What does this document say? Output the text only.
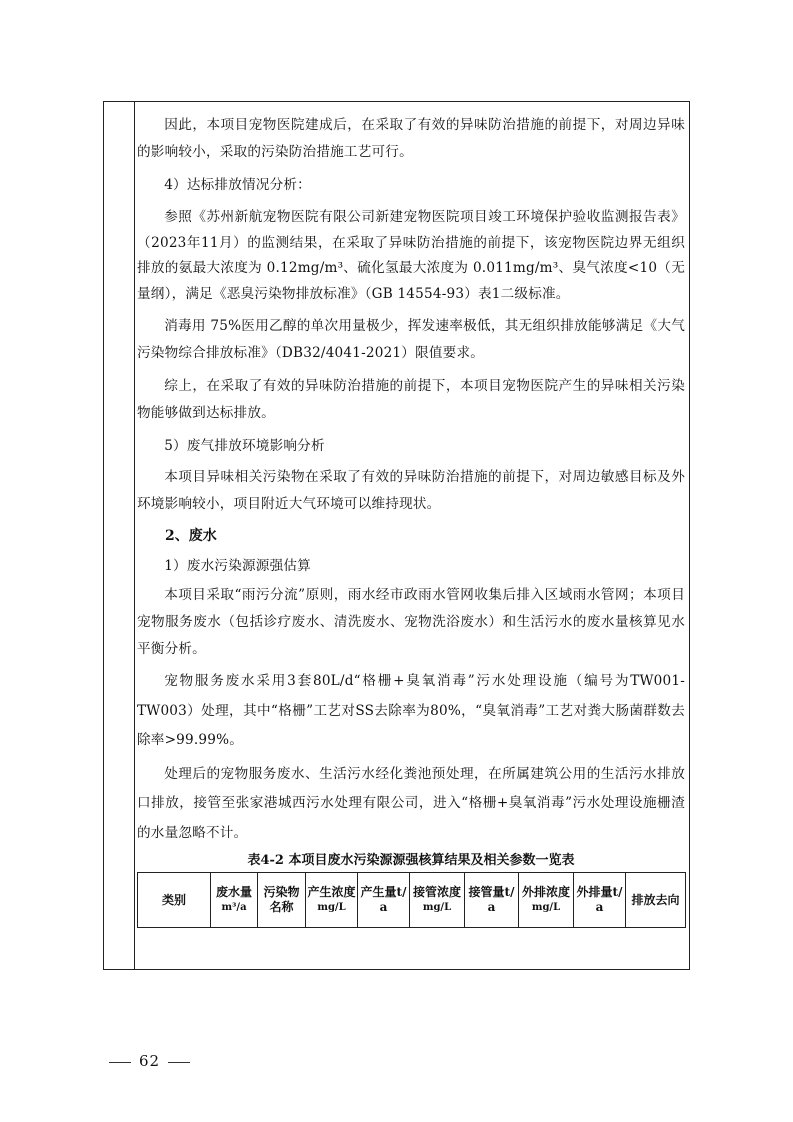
因此，本项目宠物医院建成后，在采取了有效的异味防治措施的前提下，对周边异味的影响较小，采取的污染防治措施工艺可行。

4）达标排放情况分析：

参照《苏州新航宠物医院有限公司新建宠物医院项目竣工环境保护验收监测报告表》（2023年11月）的监测结果，在采取了异味防治措施的前提下，该宠物医院边界无组织排放的氨最大浓度为 0.12mg/m³、硫化氢最大浓度为 0.011mg/m³、臭气浓度<10（无量纲），满足《恶臭污染物排放标准》（GB 14554-93）表1二级标准。

消毒用 75%医用乙醇的单次用量极少，挥发速率极低，其无组织排放能够满足《大气污染物综合排放标准》（DB32/4041-2021）限值要求。

综上，在采取了有效的异味防治措施的前提下，本项目宠物医院产生的异味相关污染物能够做到达标排放。

5）废气排放环境影响分析

本项目异味相关污染物在采取了有效的异味防治措施的前提下，对周边敏感目标及外环境影响较小，项目附近大气环境可以维持现状。

2、废水

1）废水污染源源强估算

本项目采取“雨污分流”原则，雨水经市政雨水管网收集后排入区域雨水管网；本项目宠物服务废水（包括诊疗废水、清洗废水、宠物洗浴废水）和生活污水的废水量核算见水平衡分析。

宠物服务废水采用3套80L/d“格栅+臭氧消毒”污水处理设施（编号为TW001-TW003）处理，其中“格栅”工艺对SS去除率为80%，“臭氧消毒”工艺对粪大肠菌群数去除率>99.99%。

处理后的宠物服务废水、生活污水经化粪池预处理，在所属建筑公用的生活污水排放口排放，接管至张家港城西污水处理有限公司，进入“格栅+臭氧消毒”污水处理设施栅渣的水量忽略不计。

表4-2 本项目废水污染源源强核算结果及相关参数一览表
类别	废水量
m³/a
	污染物名称	产生浓度
mg/L
	产生量t/a	接管浓度
mg/L
	接管量t/a	外排浓度
mg/L
	外排量t/a	排放去向
62
